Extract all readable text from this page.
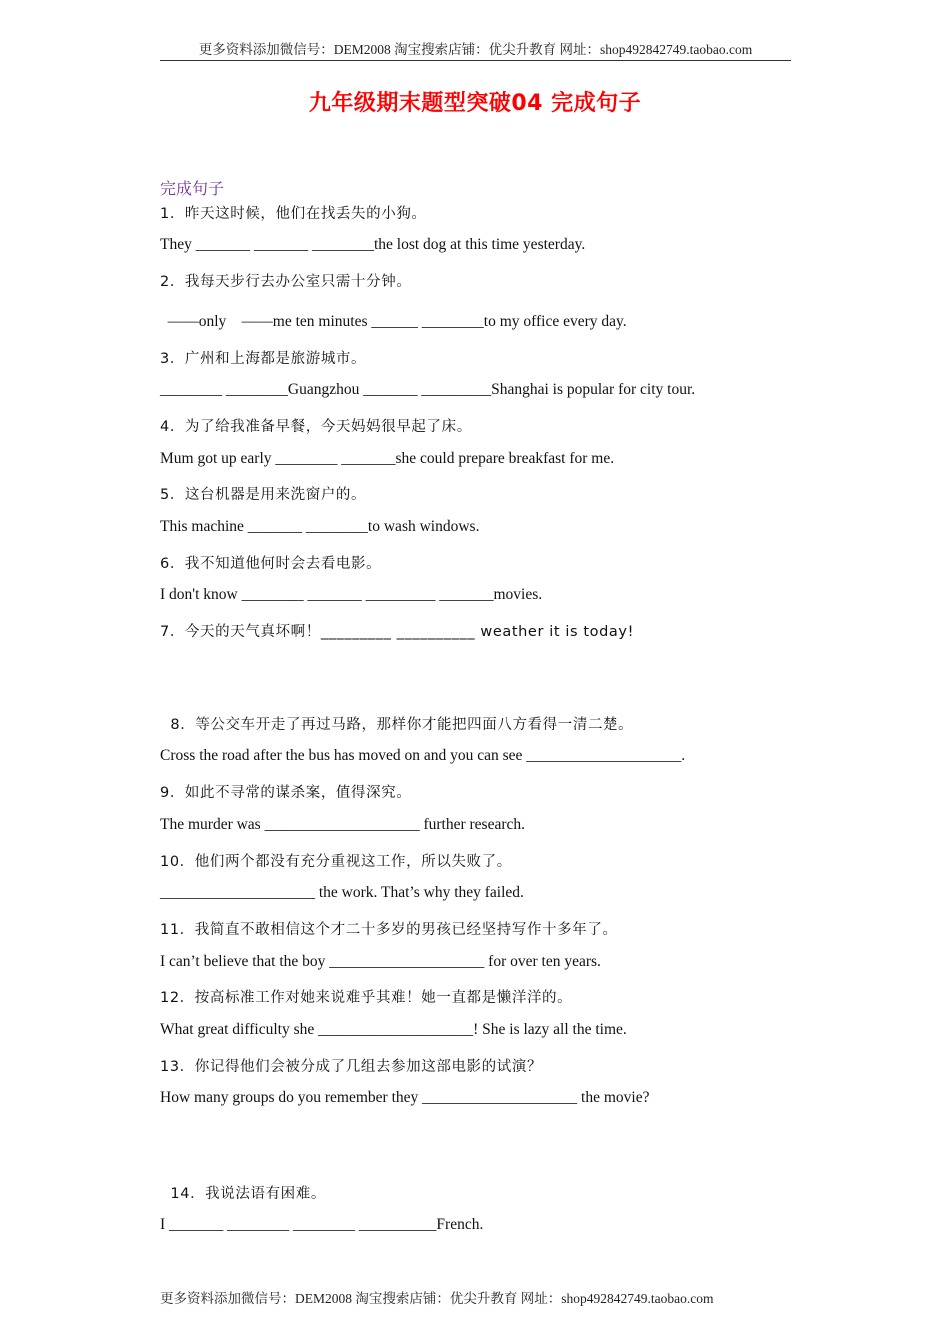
更多资料添加微信号：DEM2008 淘宝搜索店铺：优尖升教育 网址：shop492842749.taobao.com
九年级期末题型突破04 完成句子
完成句子
1．昨天这时候，他们在找丢失的小狗。
They _______ _______ ________the lost dog at this time yesterday.
2．我每天步行去办公室只需十分钟。
——only    ——me ten minutes ______ ________to my office every day.
3．广州和上海都是旅游城市。
________ ________Guangzhou _______ _________Shanghai is popular for city tour.
4．为了给我准备早餐，今天妈妈很早起了床。
Mum got up early ________ _______she could prepare breakfast for me.
5．这台机器是用来洗窗户的。
This machine _______ ________to wash windows.
6．我不知道他何时会去看电影。
I don't know ________ _______ _________ _______movies.
7．今天的天气真坏啊！_________ __________ weather it is today!
8．等公交车开走了再过马路，那样你才能把四面八方看得一清二楚。
Cross the road after the bus has moved on and you can see ____________________.
9．如此不寻常的谋杀案，值得深究。
The murder was ____________________ further research.
10．他们两个都没有充分重视这工作，所以失败了。
____________________ the work. That’s why they failed.
11．我简直不敢相信这个才二十多岁的男孩已经坚持写作十多年了。
I can’t believe that the boy ____________________ for over ten years.
12．按高标准工作对她来说难乎其难！她一直都是懒洋洋的。
What great difficulty she ____________________! She is lazy all the time.
13．你记得他们会被分成了几组去参加这部电影的试演？
How many groups do you remember they ____________________ the movie?
14．我说法语有困难。
I _______ ________ ________ __________French.
更多资料添加微信号：DEM2008 淘宝搜索店铺：优尖升教育 网址：shop492842749.taobao.com
